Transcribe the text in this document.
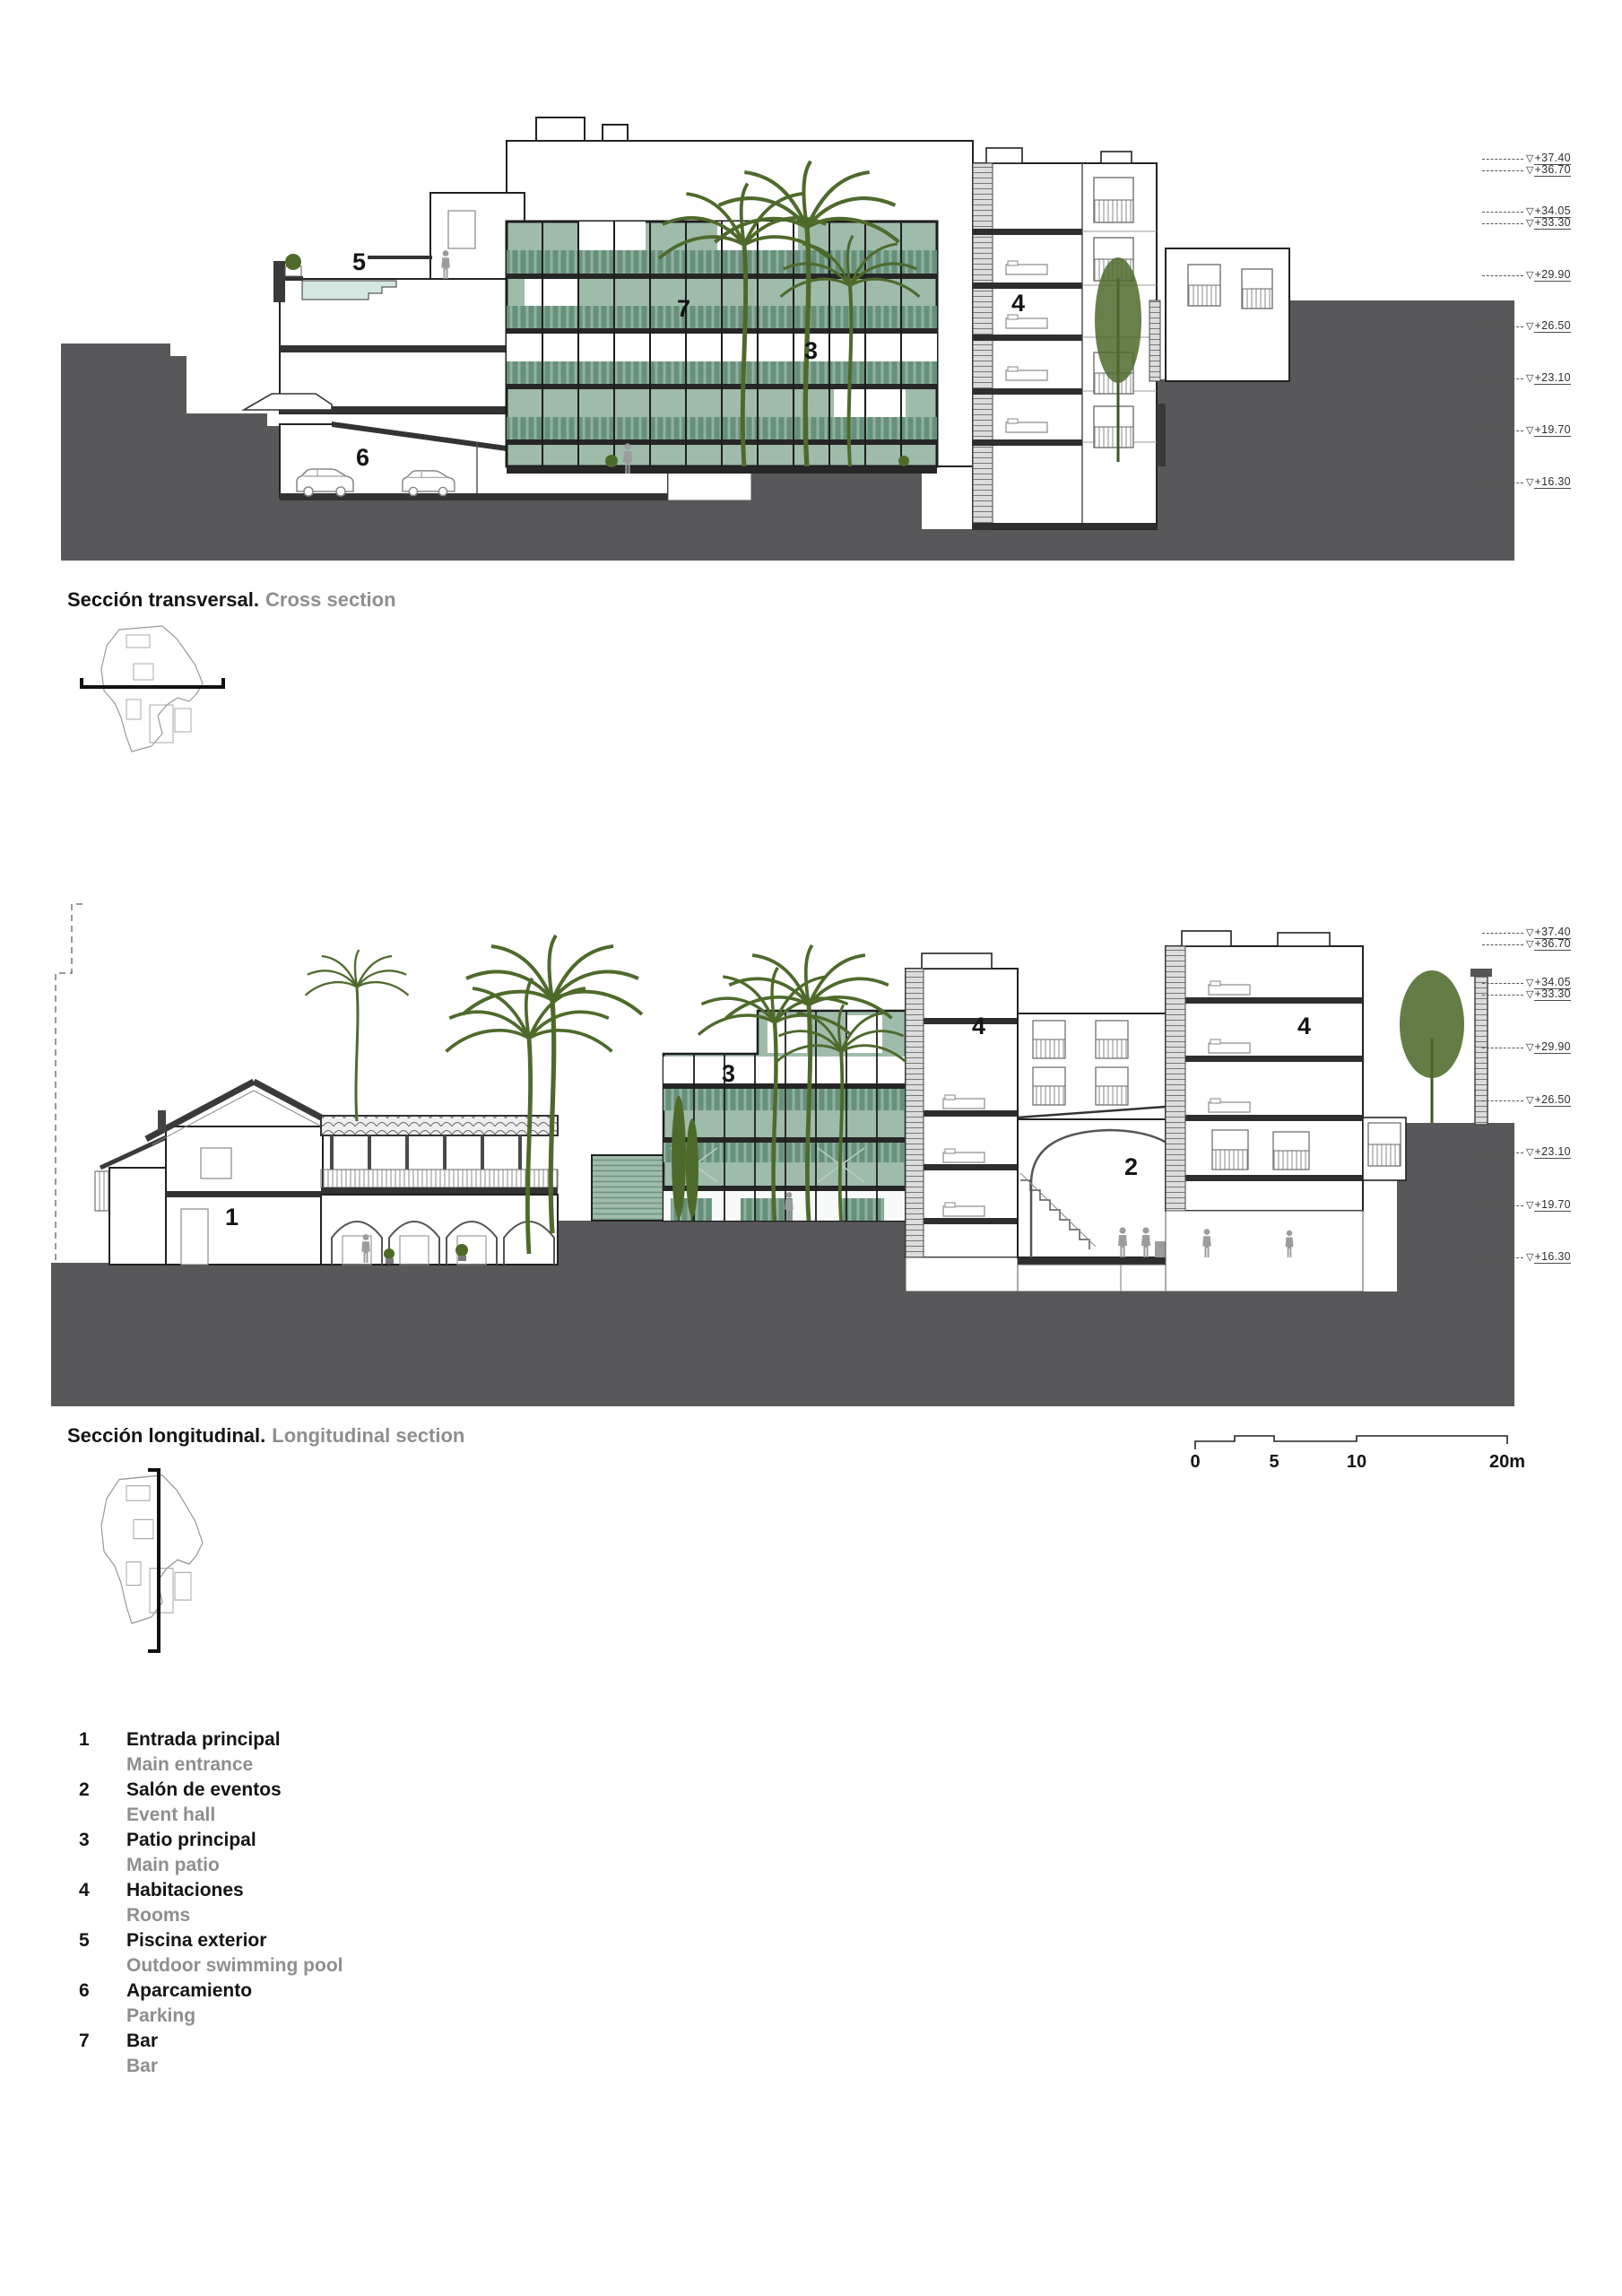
5
7
3
4
6
▽ +37.40
▽ +36.70
▽ +34.05
▽ +33.30
▽ +29.90
▽ +26.50
▽ +23.10
▽ +19.70
▽ +16.30
Sección transversal. Cross section
1
2
3
4	4
▽ +37.40
▽ +36.70
▽ +34.05
▽ +33.30
▽ +29.90
▽ +26.50
▽ +23.10
▽ +19.70
▽ +16.30
Sección longitudinal. Longitudinal section
0	5	10	20m
1	Entrada principal
Main entrance
2	Salón de eventos
Event hall
3	Patio principal
Main patio
4	Habitaciones
Rooms
5	Piscina exterior
Outdoor swimming pool
6	Aparcamiento
Parking
7	Bar
Bar
